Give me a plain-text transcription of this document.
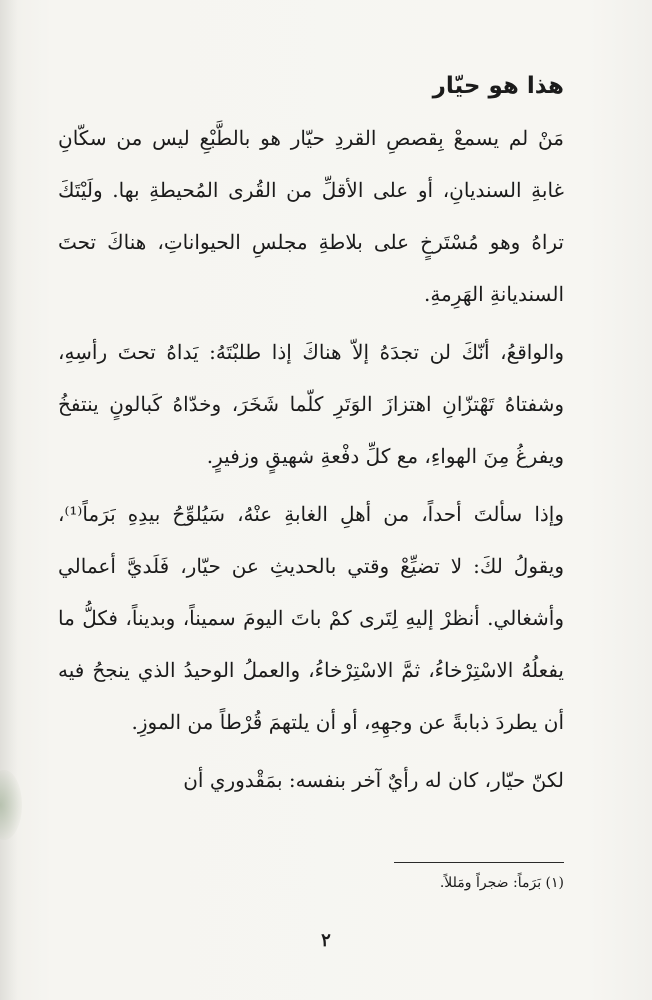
هذا هو حيّار

مَنْ لم يسمعْ بِقصصِ القردِ حيّار هو بالطَّبْعِ ليس من سكّانِ غابةِ السنديانِ، أو على الأقلِّ من القُرى المُحيطةِ بها. ولَيْتَكَ تراهُ وهو مُسْتَرخٍ على بلاطةِ مجلسِ الحيواناتِ، هناكَ تحتَ السنديانةِ الهَرِمةِ.

والواقعُ، أنّكَ لن تجدَهُ إلاّ هناكَ إذا طلبْتَهُ: يَداهُ تحتَ رأسِهِ، وشفتاهُ تَهْتزّانِ اهتزازَ الوَتَرِ كلّما شَخَرَ، وخدّاهُ كَبالونٍ ينتفخُ ويفرغُ مِنَ الهواءِ، مع كلِّ دفْعةِ شهيقٍ وزفيرٍ.

وإذا سألتَ أحداً، من أهلِ الغابةِ عنْهُ، سَيُلوِّحُ بيدِهِ بَرَماً⁽¹⁾، ويقولُ لكَ: لا تضيِّعْ وقتي بالحديثِ عن حيّار، فَلَديَّ أعمالي وأشغالي. أنظرْ إليهِ لِتَرى كمْ باتَ اليومَ سميناً، وبديناً، فكلُّ ما يفعلُهُ الاسْتِرْخاءُ، ثمَّ الاسْتِرْخاءُ، والعملُ الوحيدُ الذي ينجحُ فيه أن يطردَ ذبابةً عن وجهِهِ، أو أن يلتهمَ قُرْطاً من الموزِ.

لكنّ حيّار، كان له رأيٌ آخر بنفسه: بمَقْدوري أن

(١) بَرَماً: ضجراً ومَللاً.
٢
